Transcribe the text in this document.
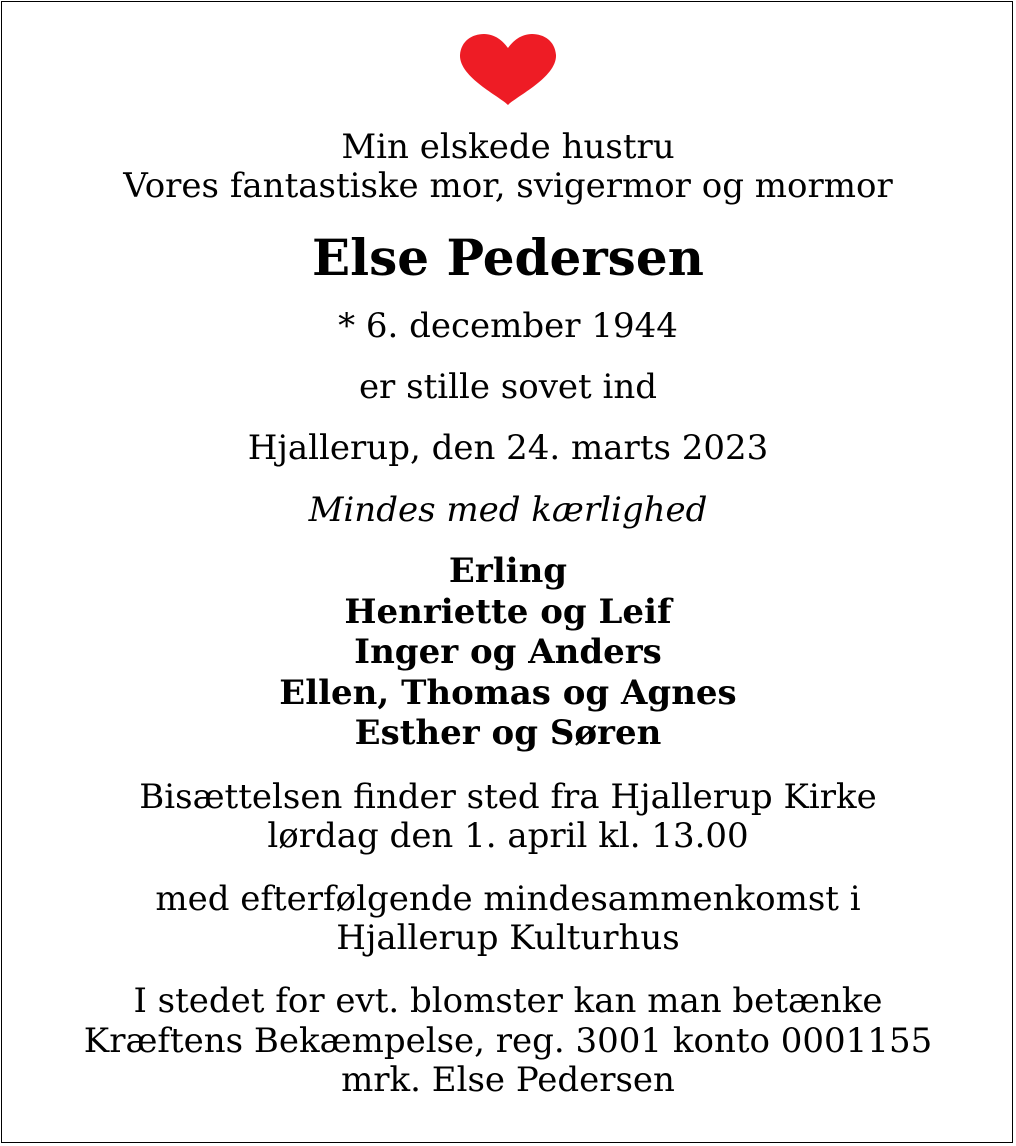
Min elskede hustru
Vores fantastiske mor, svigermor og mormor
Else Pedersen
* 6. december 1944
er stille sovet ind
Hjallerup, den 24. marts 2023
Mindes med kærlighed
Erling
Henriette og Leif
Inger og Anders
Ellen, Thomas og Agnes
Esther og Søren
Bisættelsen finder sted fra Hjallerup Kirke
lørdag den 1. april kl. 13.00
med efterfølgende mindesammenkomst i
Hjallerup Kulturhus
I stedet for evt. blomster kan man betænke
Kræftens Bekæmpelse, reg. 3001 konto 0001155
mrk. Else Pedersen
